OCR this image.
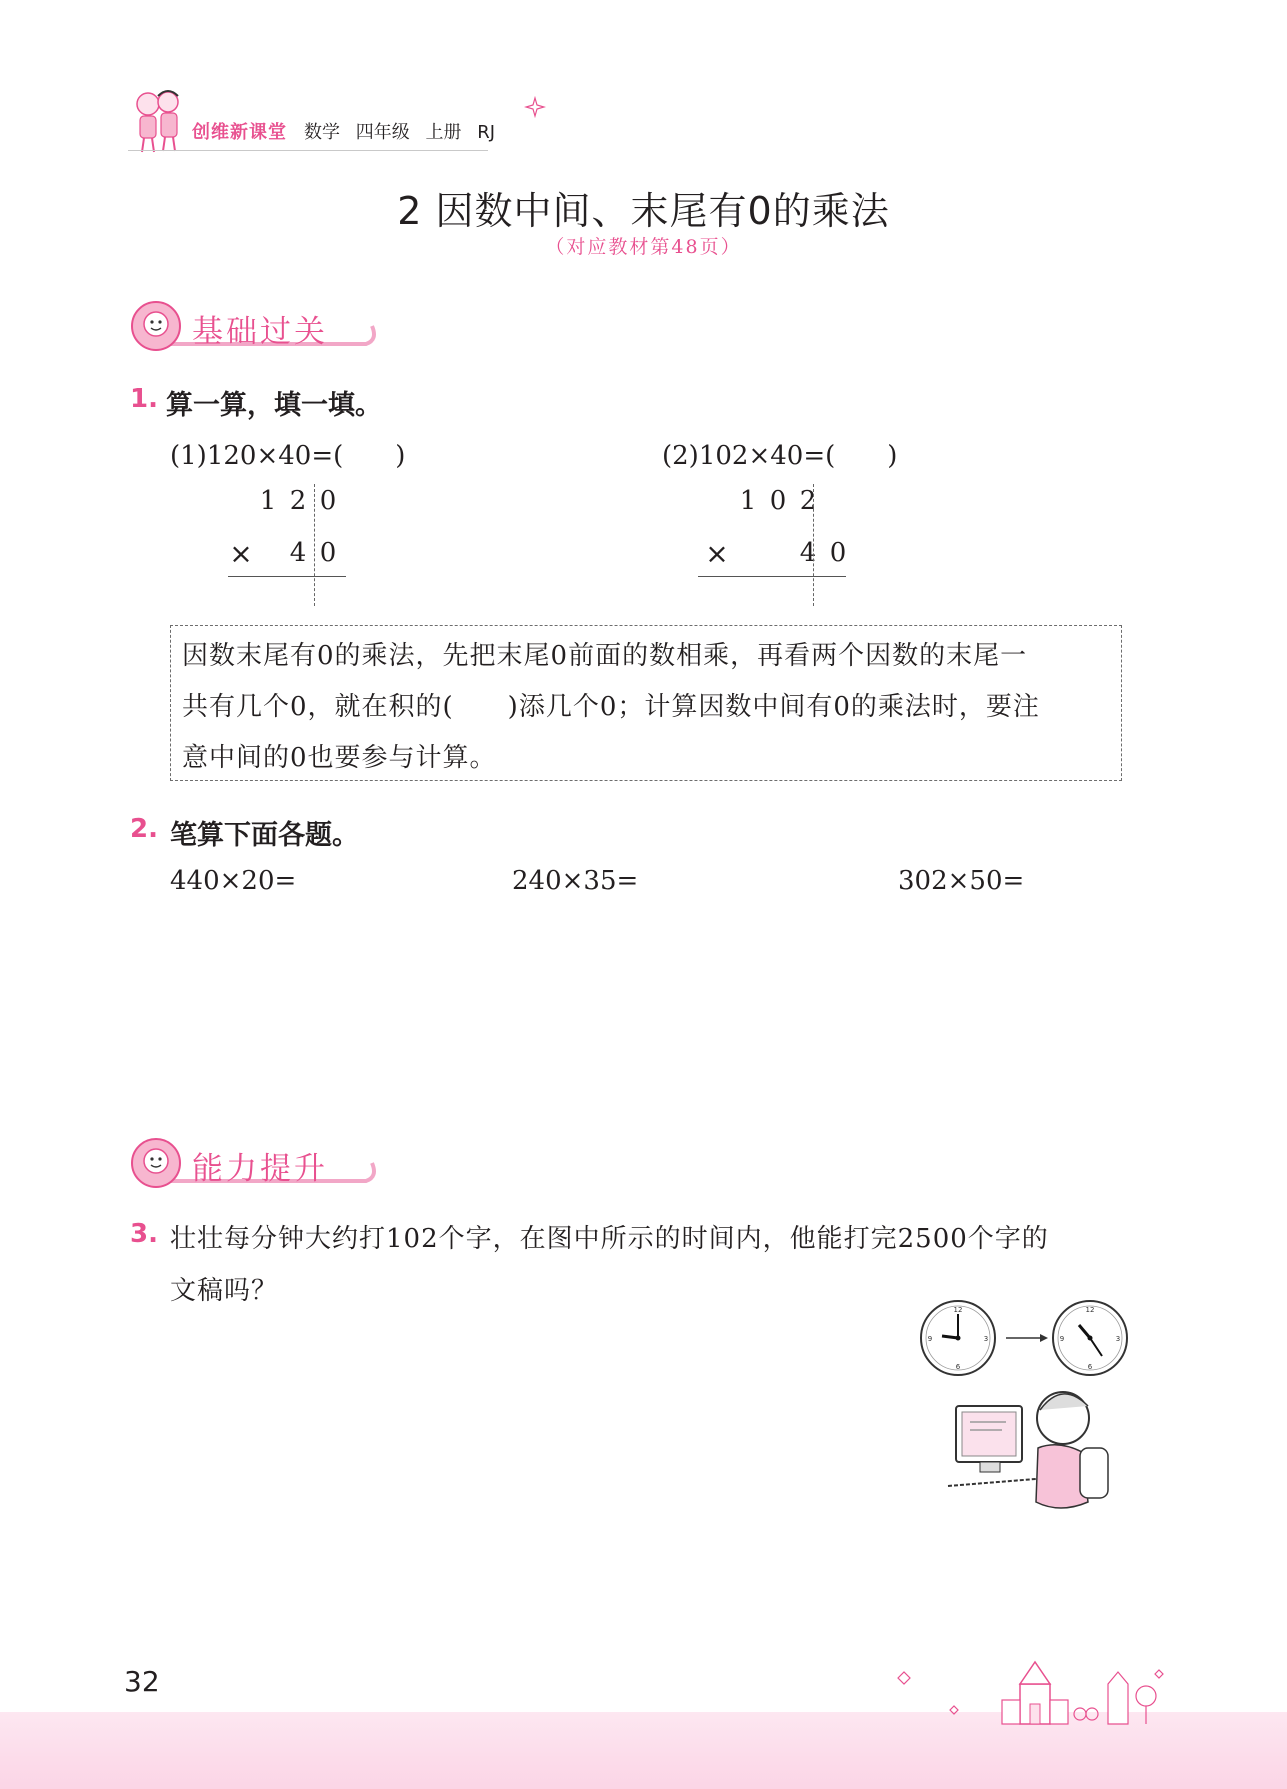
创维新课堂 数学 四年级 上册 RJ
2 因数中间、末尾有0的乘法
（对应教材第48页）
基础过关
1. 算一算，填一填。
(1)120×40=(　　)	(2)102×40=(　　)
1 2 0
× 4 0
1 0 2
×	4 0
因数末尾有0的乘法，先把末尾0前面的数相乘，再看两个因数的末尾一
共有几个0，就在积的(　　)添几个0；计算因数中间有0的乘法时，要注
意中间的0也要参与计算。
2. 笔算下面各题。
440×20=	240×35=	302×50=
能力提升
3. 壮壮每分钟大约打102个字，在图中所示的时间内，他能打完2500个字的
文稿吗？
12
3
6
9
12
3
6
9
32
